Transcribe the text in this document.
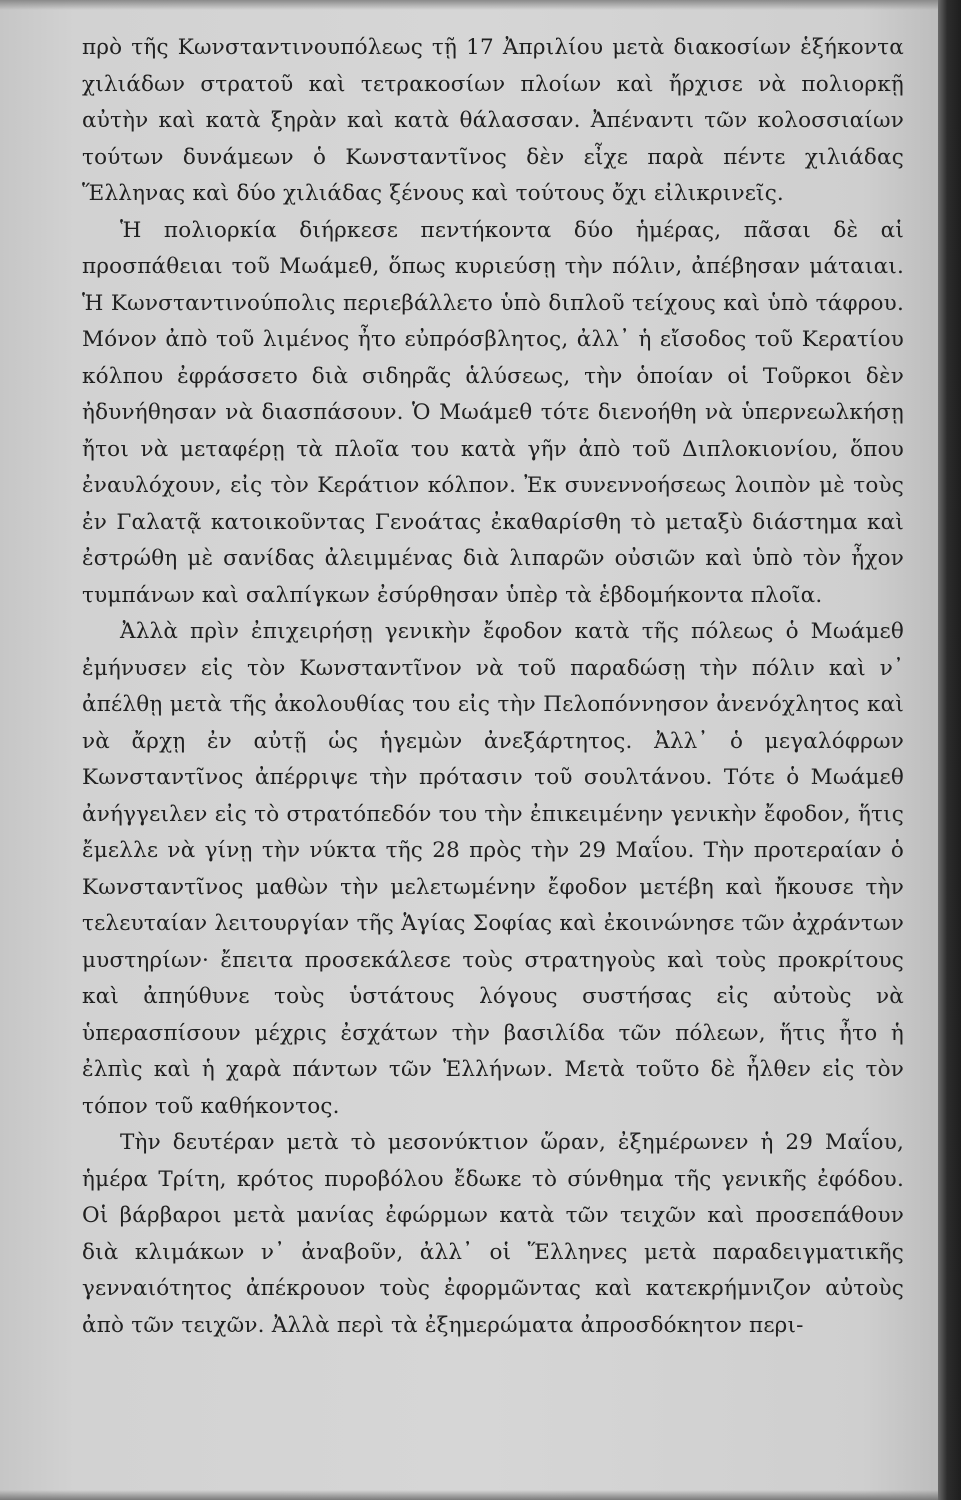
πρὸ τῆς Κωνσταντινουπόλεως τῇ 17 Ἀπριλίου μετὰ διακοσίων ἑξήκοντα χιλιάδων στρατοῦ καὶ τετρακοσίων πλοίων καὶ ἤρχισε νὰ πολιορκῇ αὐτὴν καὶ κατὰ ξηρὰν καὶ κατὰ θάλασσαν. Ἀπέναντι τῶν κολοσσιαίων τούτων δυνάμεων ὁ Κωνσταντῖνος δὲν εἶχε παρὰ πέντε χιλιάδας Ἕλληνας καὶ δύο χιλιάδας ξένους καὶ τούτους ὄχι εἰλικρινεῖς.

Ἡ πολιορκία διήρκεσε πεντήκοντα δύο ἡμέρας, πᾶσαι δὲ αἱ προσπάθειαι τοῦ Μωάμεθ, ὅπως κυριεύσῃ τὴν πόλιν, ἀπέβησαν μάταιαι. Ἡ Κωνσταντινούπολις περιεβάλλετο ὑπὸ διπλοῦ τείχους καὶ ὑπὸ τάφρου. Μόνον ἀπὸ τοῦ λιμένος ἦτο εὐπρόσβλητος, ἀλλ᾽ ἡ εἴσοδος τοῦ Κερατίου κόλπου ἐφράσσετο διὰ σιδηρᾶς ἁλύσεως, τὴν ὁποίαν οἱ Τοῦρκοι δὲν ἠδυνήθησαν νὰ διασπάσουν. Ὁ Μωάμεθ τότε διενοήθη νὰ ὑπερνεωλκήσῃ ἤτοι νὰ μεταφέρῃ τὰ πλοῖα του κατὰ γῆν ἀπὸ τοῦ Διπλοκιονίου, ὅπου ἐναυλόχουν, εἰς τὸν Κεράτιον κόλπον. Ἐκ συνεννοήσεως λοιπὸν μὲ τοὺς ἐν Γαλατᾷ κατοικοῦντας Γενοάτας ἐκαθαρίσθη τὸ μεταξὺ διάστημα καὶ ἐστρώθη μὲ σανίδας ἀλειμμένας διὰ λιπαρῶν οὐσιῶν καὶ ὑπὸ τὸν ἦχον τυμπάνων καὶ σαλπίγκων ἐσύρθησαν ὑπὲρ τὰ ἑβδομήκοντα πλοῖα.

Ἀλλὰ πρὶν ἐπιχειρήσῃ γενικὴν ἔφοδον κατὰ τῆς πόλεως ὁ Μωάμεθ ἐμήνυσεν εἰς τὸν Κωνσταντῖνον νὰ τοῦ παραδώσῃ τὴν πόλιν καὶ ν᾽ ἀπέλθῃ μετὰ τῆς ἀκολουθίας του εἰς τὴν Πελοπόννησον ἀνενόχλητος καὶ νὰ ἄρχῃ ἐν αὐτῇ ὡς ἡγεμὼν ἀνεξάρτητος. Ἀλλ᾽ ὁ μεγαλόφρων Κωνσταντῖνος ἀπέρριψε τὴν πρότασιν τοῦ σουλτάνου. Τότε ὁ Μωάμεθ ἀνήγγειλεν εἰς τὸ στρατόπεδόν του τὴν ἐπικειμένην γενικὴν ἔφοδον, ἥτις ἔμελλε νὰ γίνῃ τὴν νύκτα τῆς 28 πρὸς τὴν 29 Μαΐου. Τὴν προτεραίαν ὁ Κωνσταντῖνος μαθὼν τὴν μελετωμένην ἔφοδον μετέβη καὶ ἤκουσε τὴν τελευταίαν λειτουργίαν τῆς Ἁγίας Σοφίας καὶ ἐκοινώνησε τῶν ἀχράντων μυστηρίων· ἔπειτα προσεκάλεσε τοὺς στρατηγοὺς καὶ τοὺς προκρίτους καὶ ἀπηύθυνε τοὺς ὑστάτους λόγους συστήσας εἰς αὐτοὺς νὰ ὑπερασπίσουν μέχρις ἐσχάτων τὴν βασιλίδα τῶν πόλεων, ἥτις ἦτο ἡ ἐλπὶς καὶ ἡ χαρὰ πάντων τῶν Ἑλλήνων. Μετὰ τοῦτο δὲ ἦλθεν εἰς τὸν τόπον τοῦ καθήκοντος.

Τὴν δευτέραν μετὰ τὸ μεσονύκτιον ὥραν, ἐξημέρωνεν ἡ 29 Μαΐου, ἡμέρα Τρίτη, κρότος πυροβόλου ἔδωκε τὸ σύνθημα τῆς γενικῆς ἐφόδου. Οἱ βάρβαροι μετὰ μανίας ἐφώρμων κατὰ τῶν τειχῶν καὶ προσεπάθουν διὰ κλιμάκων ν᾽ ἀναβοῦν, ἀλλ᾽ οἱ Ἕλληνες μετὰ παραδειγματικῆς γενναιότητος ἀπέκρουον τοὺς ἐφορμῶντας καὶ κατεκρήμνιζον αὐτοὺς ἀπὸ τῶν τειχῶν. Ἀλλὰ περὶ τὰ ἐξημερώματα ἀπροσδόκητον περι-
